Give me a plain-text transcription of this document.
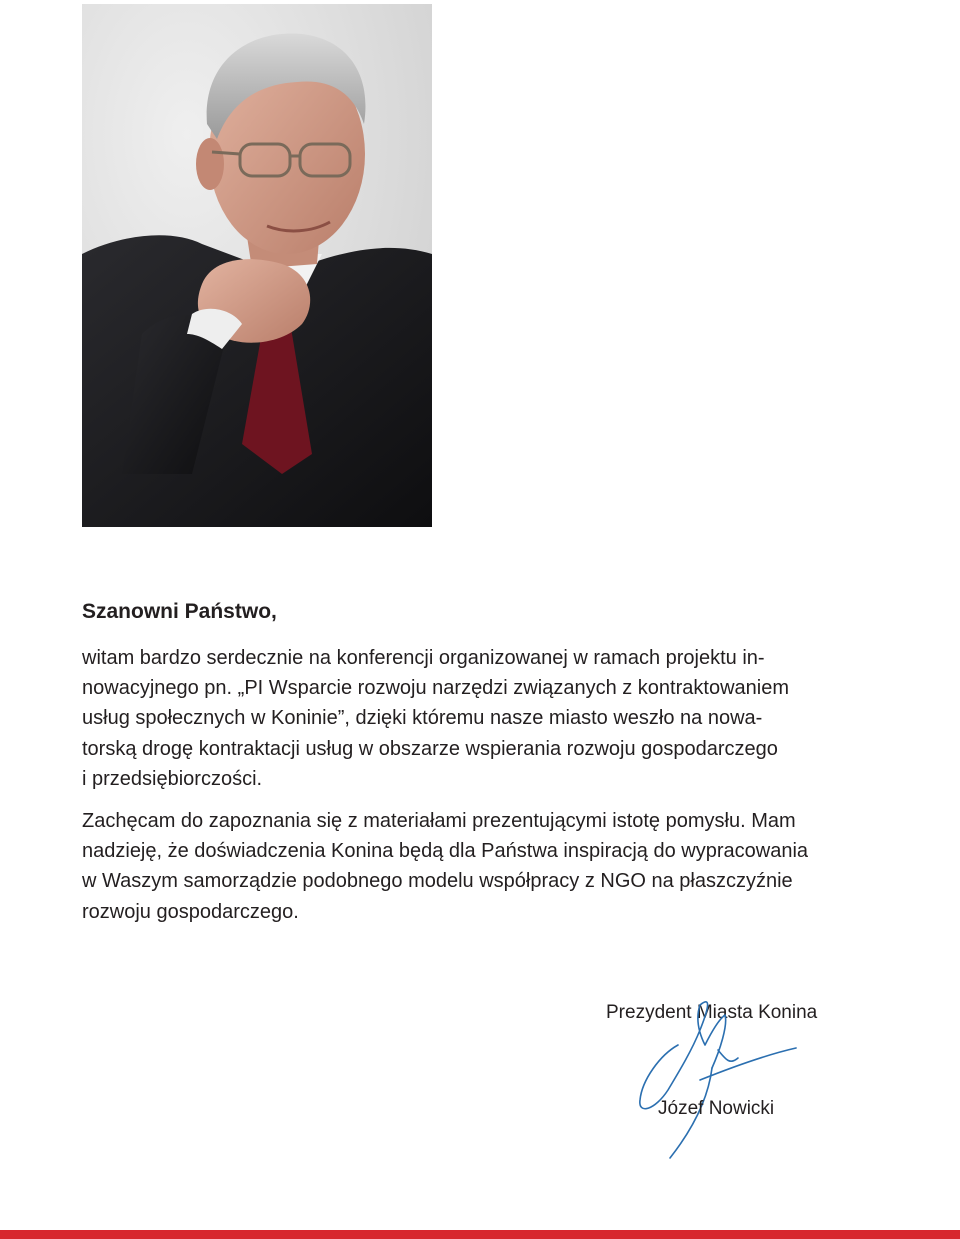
Szanowni Państwo,

witam bardzo serdecznie na konferencji organizowanej w ramach projektu in-
nowacyjnego pn. „PI Wsparcie rozwoju narzędzi związanych z kontraktowaniem
usług społecznych w Koninie”, dzięki któremu nasze miasto weszło na nowa-
torską drogę kontraktacji usług w obszarze wspierania rozwoju gospodarczego
i przedsiębiorczości.

Zachęcam do zapoznania się z materiałami prezentującymi istotę pomysłu. Mam
nadzieję, że doświadczenia Konina będą dla Państwa inspiracją do wypracowania
w Waszym samorządzie podobnego modelu współpracy z NGO na płaszczyźnie
rozwoju gospodarczego.

Prezydent Miasta Konina
Józef Nowicki
